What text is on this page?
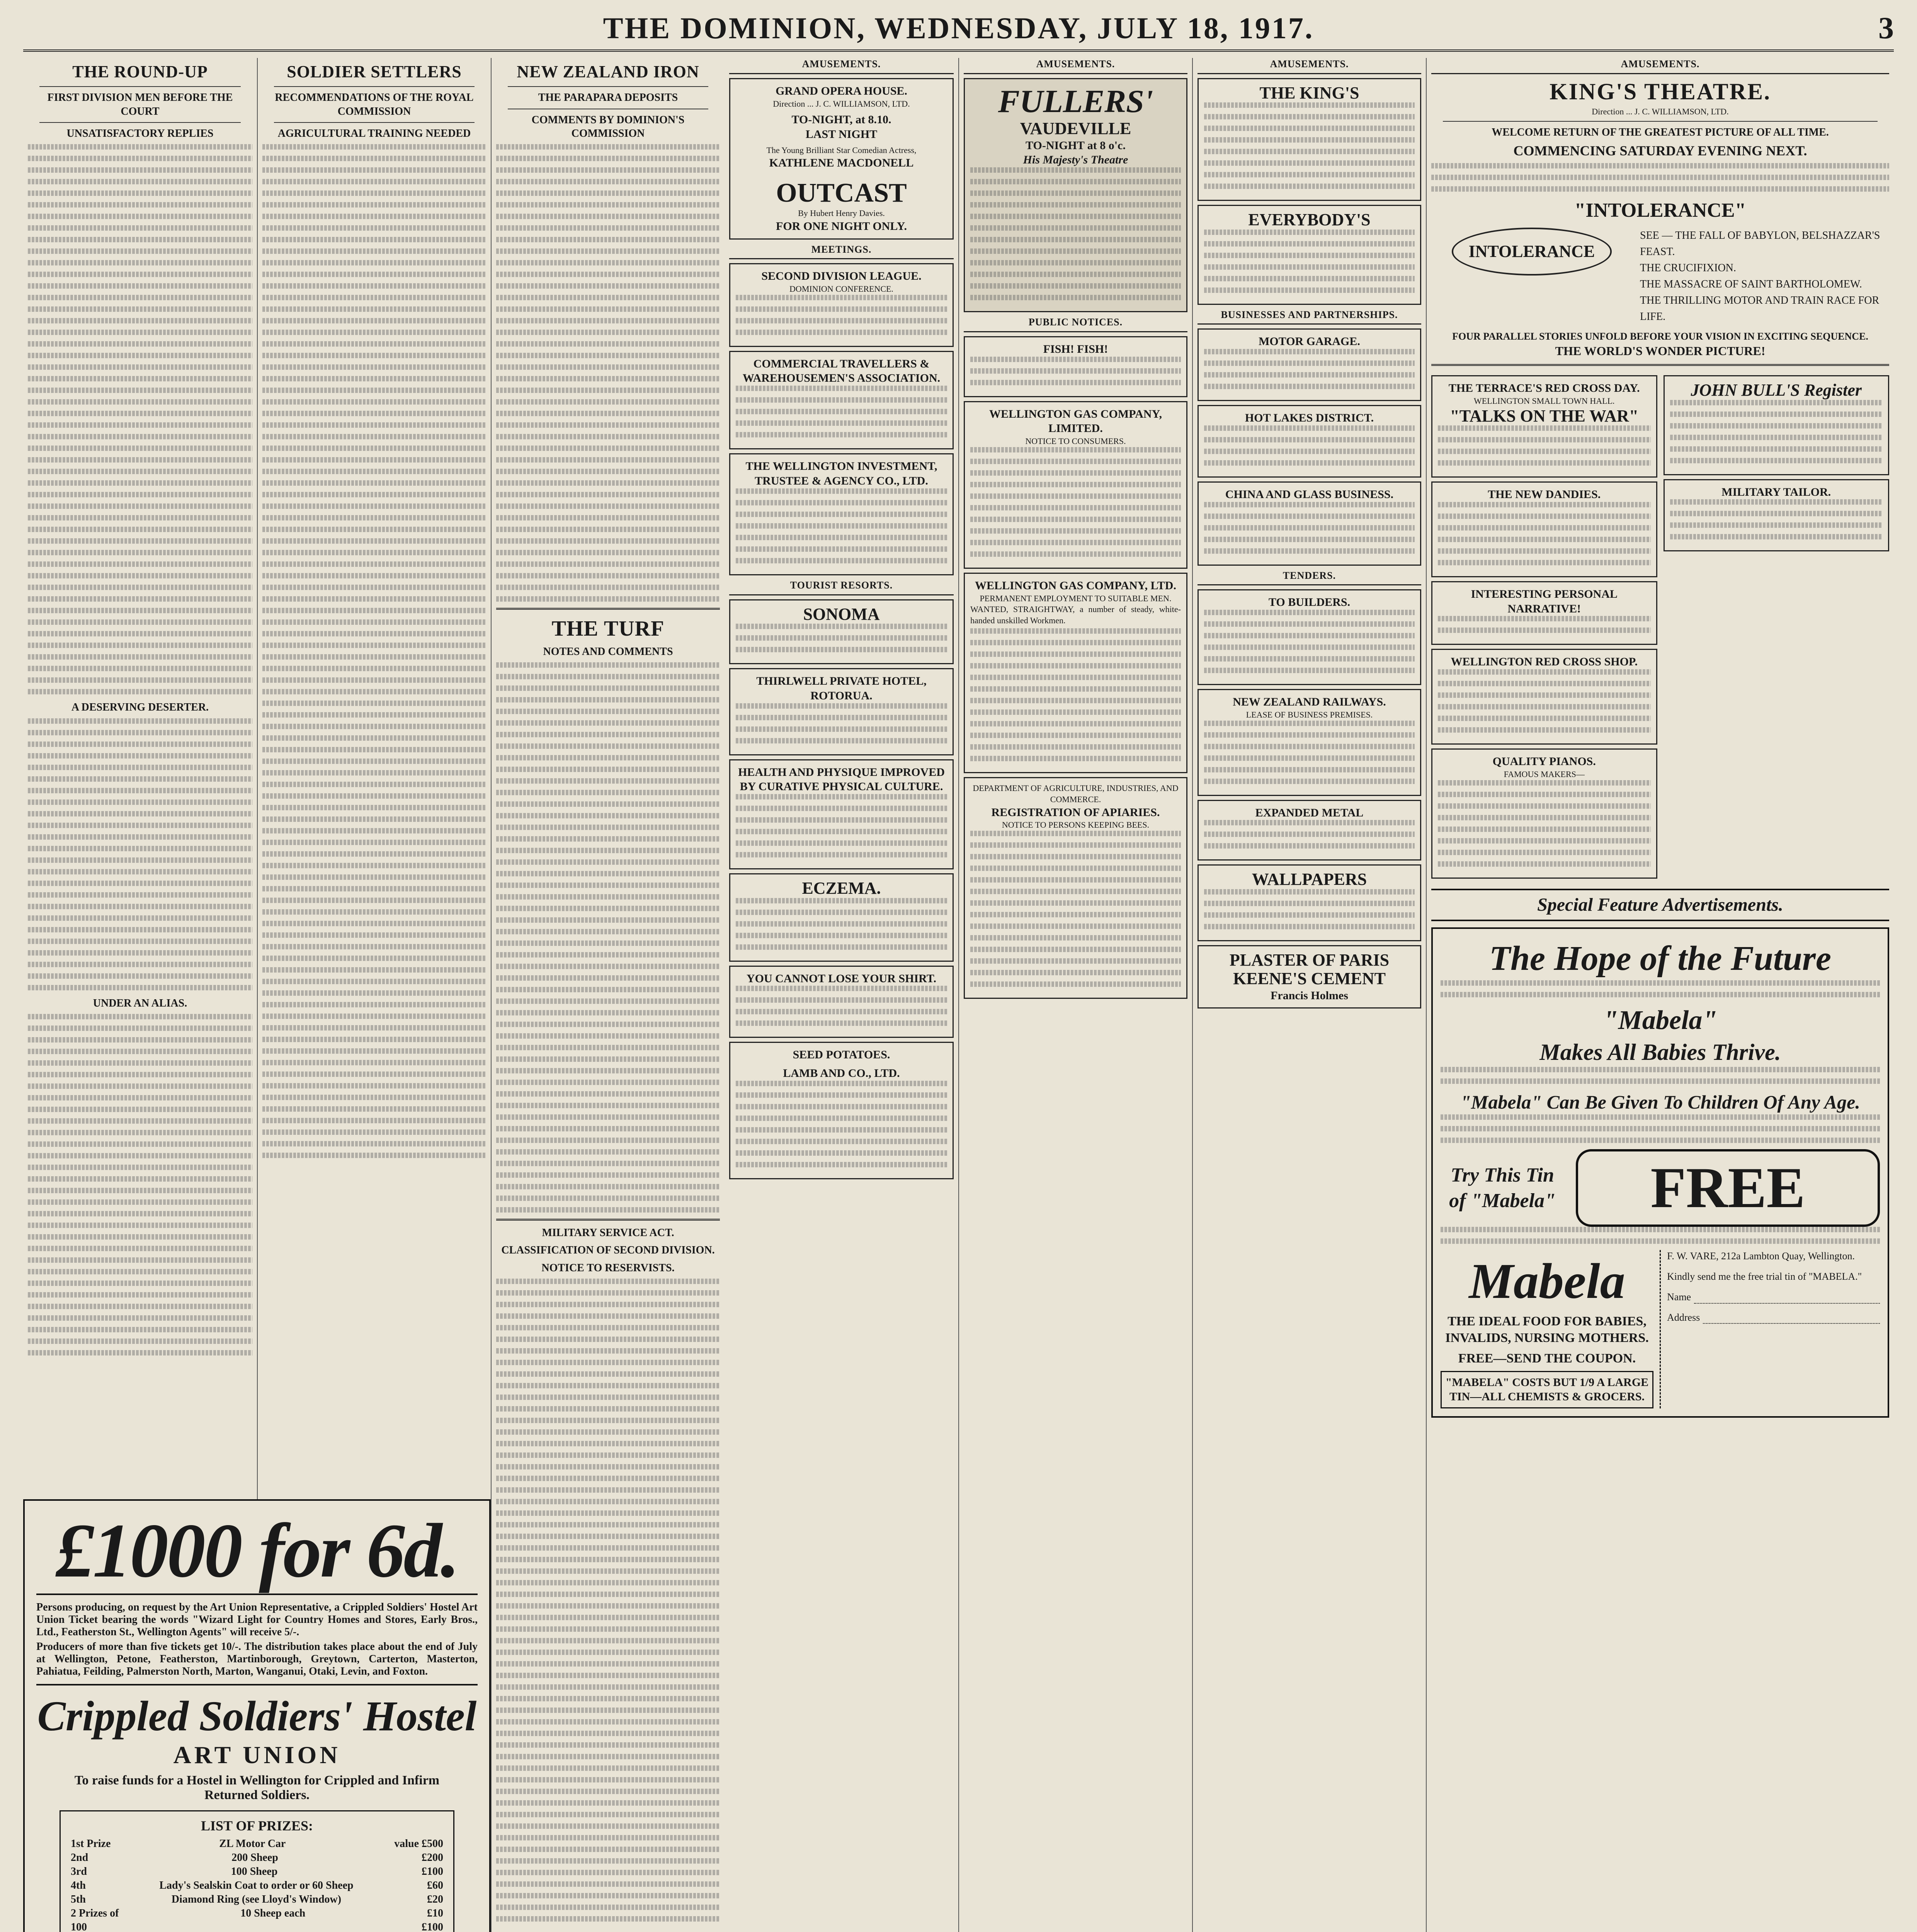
THE DOMINION, WEDNESDAY, JULY 18, 1917.	3
THE ROUND-UP
FIRST DIVISION MEN BEFORE THE COURT
UNSATISFACTORY REPLIES
A DESERVING DESERTER.
UNDER AN ALIAS.
SOLDIER SETTLERS
RECOMMENDATIONS OF THE ROYAL COMMISSION
AGRICULTURAL TRAINING NEEDED
NEW ZEALAND IRON
THE PARAPARA DEPOSITS
COMMENTS BY DOMINION'S COMMISSION
THE TURF
NOTES AND COMMENTS
MILITARY SERVICE ACT.
CLASSIFICATION OF SECOND DIVISION.
NOTICE TO RESERVISTS.
£1000 for 6d.

Persons producing, on request by the Art Union Representative, a Crippled Soldiers' Hostel Art Union Ticket bearing the words "Wizard Light for Country Homes and Stores, Early Bros., Ltd., Featherston St., Wellington Agents" will receive 5/-.

Producers of more than five tickets get 10/-. The distribution takes place about the end of July at Wellington, Petone, Featherston, Martinborough, Greytown, Carterton, Masterton, Pahiatua, Feilding, Palmerston North, Marton, Wanganui, Otaki, Levin, and Foxton.

Crippled Soldiers' Hostel
ART UNION
To raise funds for a Hostel in Wellington for Crippled and Infirm Returned Soldiers.
LIST OF PRIZES:
1st Prize	ZL Motor Car	value £500
2nd	200 Sheep	£200
3rd	100 Sheep	£100
4th	Lady's Sealskin Coat to order or 60 Sheep	£60
5th	Diamond Ring (see Lloyd's Window)	£20
2 Prizes of	10 Sheep each	£10
100	£100

AMUSEMENTS.
GRAND OPERA HOUSE.
Direction ... J. C. WILLIAMSON, LTD.
TO-NIGHT, at 8.10.
LAST NIGHT
The Young Brilliant Star Comedian Actress,
KATHLENE MACDONELL
OUTCAST
By Hubert Henry Davies.
FOR ONE NIGHT ONLY.
MEETINGS.
SECOND DIVISION LEAGUE.
DOMINION CONFERENCE.
COMMERCIAL TRAVELLERS & WAREHOUSEMEN'S ASSOCIATION.
THE WELLINGTON INVESTMENT, TRUSTEE & AGENCY CO., LTD.
TOURIST RESORTS.
SONOMA
THIRLWELL PRIVATE HOTEL, ROTORUA.
HEALTH AND PHYSIQUE IMPROVED BY CURATIVE PHYSICAL CULTURE.
ECZEMA.
YOU CANNOT LOSE YOUR SHIRT.
SEED POTATOES.
LAMB AND CO., LTD.
AMUSEMENTS.
FULLERS'
VAUDEVILLE
TO-NIGHT at 8 o'c.
His Majesty's Theatre
PUBLIC NOTICES.
FISH! FISH!
WELLINGTON GAS COMPANY, LIMITED.
NOTICE TO CONSUMERS.
WELLINGTON GAS COMPANY, LTD.
PERMANENT EMPLOYMENT TO SUITABLE MEN.

WANTED, STRAIGHTWAY, a number of steady, white-handed unskilled Workmen.

DEPARTMENT OF AGRICULTURE, INDUSTRIES, AND COMMERCE.
REGISTRATION OF APIARIES.
NOTICE TO PERSONS KEEPING BEES.
AMUSEMENTS.
THE KING'S
EVERYBODY'S
BUSINESSES AND PARTNERSHIPS.
MOTOR GARAGE.
HOT LAKES DISTRICT.
CHINA AND GLASS BUSINESS.
TENDERS.
TO BUILDERS.
NEW ZEALAND RAILWAYS.
LEASE OF BUSINESS PREMISES.
EXPANDED METAL
WALLPAPERS
PLASTER OF PARIS
KEENE'S CEMENT
Francis Holmes
AMUSEMENTS.
KING'S THEATRE.
Direction ... J. C. WILLIAMSON, LTD.
WELCOME RETURN OF THE GREATEST PICTURE OF ALL TIME.
COMMENCING SATURDAY EVENING NEXT.
"INTOLERANCE"
INTOLERANCE
SEE — THE FALL OF BABYLON, BELSHAZZAR'S FEAST.
THE CRUCIFIXION.
THE MASSACRE OF SAINT BARTHOLOMEW.
THE THRILLING MOTOR AND TRAIN RACE FOR LIFE.
FOUR PARALLEL STORIES UNFOLD BEFORE YOUR VISION IN EXCITING SEQUENCE.
THE WORLD'S WONDER PICTURE!
THE TERRACE'S RED CROSS DAY.
WELLINGTON SMALL TOWN HALL.
"TALKS ON THE WAR"
THE NEW DANDIES.
INTERESTING PERSONAL NARRATIVE!
WELLINGTON RED CROSS SHOP.
QUALITY PIANOS.
FAMOUS MAKERS—
JOHN BULL'S Register
MILITARY TAILOR.
Special Feature Advertisements.
The Hope of the Future
"Mabela"
Makes All Babies Thrive.
"Mabela" Can Be Given To Children Of Any Age.
Try This Tin of "Mabela"	FREE
Mabela
THE IDEAL FOOD FOR BABIES, INVALIDS, NURSING MOTHERS.
FREE—SEND THE COUPON.
"MABELA" COSTS BUT 1/9 A LARGE TIN—ALL CHEMISTS & GROCERS.
F. W. VARE, 212a Lambton Quay, Wellington.
Kindly send me the free trial tin of "MABELA."
Name
Address
